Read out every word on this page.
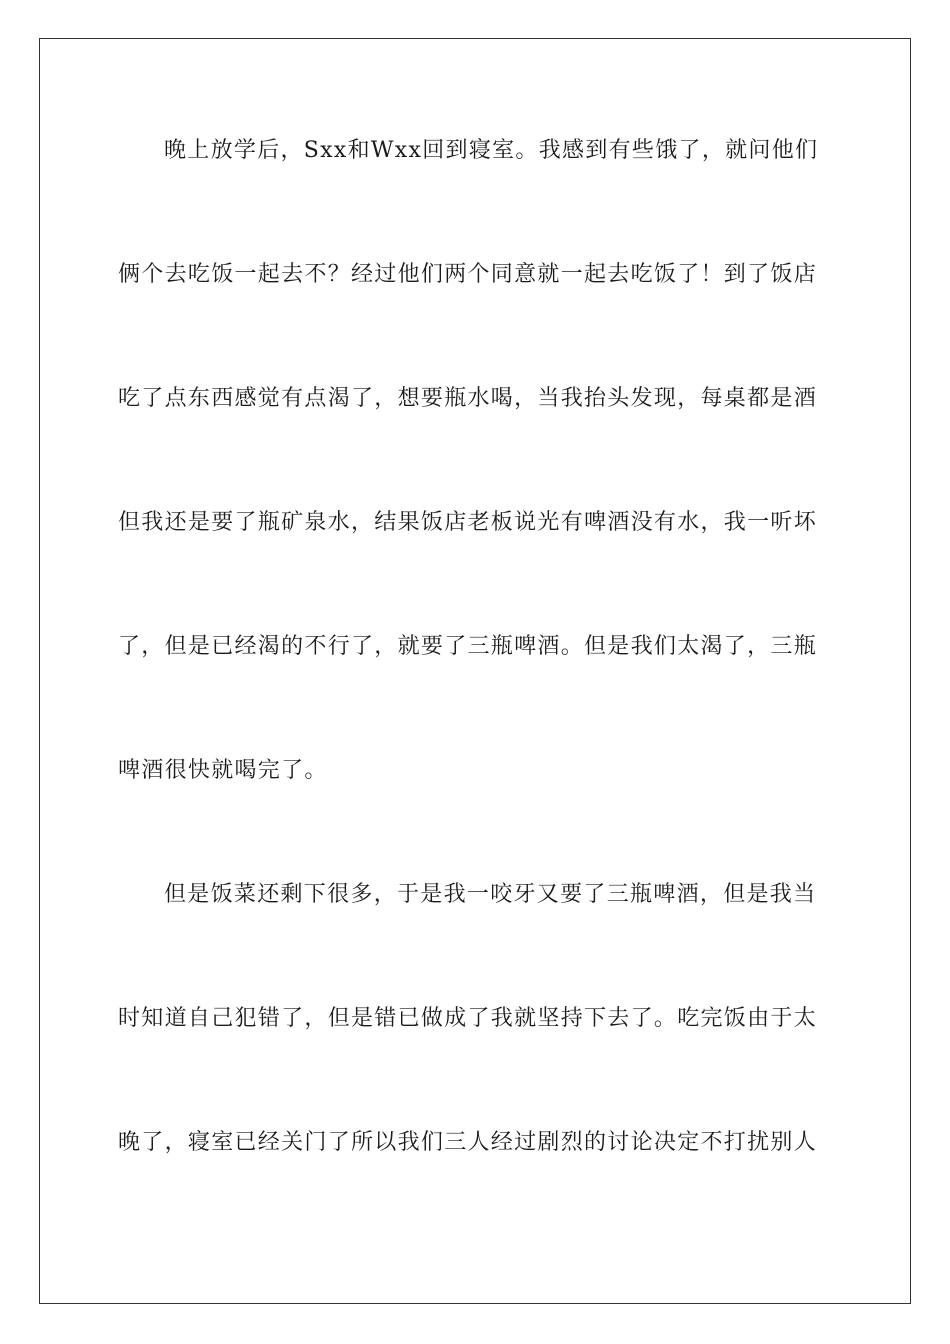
晚上放学后，Sxx和Wxx回到寝室。我感到有些饿了，就问他们
俩个去吃饭一起去不？经过他们两个同意就一起去吃饭了！到了饭店
吃了点东西感觉有点渴了，想要瓶水喝，当我抬头发现，每桌都是酒
但我还是要了瓶矿泉水，结果饭店老板说光有啤酒没有水，我一听坏
了，但是已经渴的不行了，就要了三瓶啤酒。但是我们太渴了，三瓶
啤酒很快就喝完了。
但是饭菜还剩下很多，于是我一咬牙又要了三瓶啤酒，但是我当
时知道自己犯错了，但是错已做成了我就坚持下去了。吃完饭由于太
晚了，寝室已经关门了所以我们三人经过剧烈的讨论决定不打扰别人
